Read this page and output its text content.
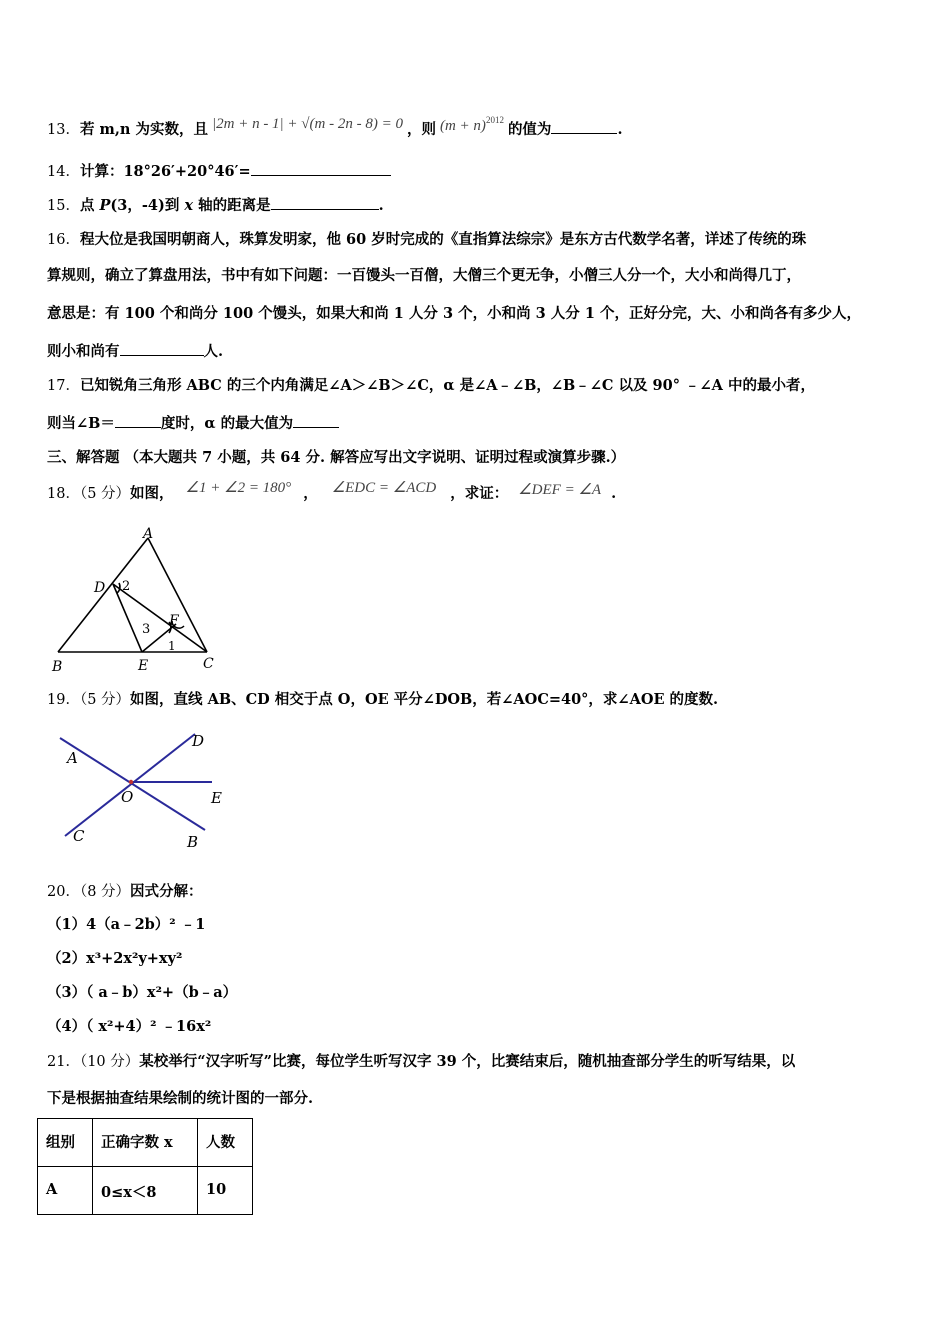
13．若 m,n 为实数，且 |2m + n - 1| + √(m - 2n - 8) = 0 ，则 $(m + n)^{2012}$的值为	.
14．计算：18°26′+20°46′=
15．点 P(3，-4)到 x 轴的距离是	.
16．程大位是我国明朝商人，珠算发明家，他 60 岁时完成的《直指算法综宗》是东方古代数学名著，详述了传统的珠
算规则，确立了算盘用法，书中有如下问题：一百馒头一百僧，大僧三个更无争，小僧三人分一个，大小和尚得几丁，
意思是：有 100 个和尚分 100 个馒头，如果大和尚 1 人分 3 个，小和尚 3 人分 1 个，正好分完，大、小和尚各有多少人，
则小和尚有	人.
17．已知锐角三角形 ABC 的三个内角满足∠A＞∠B＞∠C，α 是∠A﹣∠B，∠B﹣∠C 以及 90° ﹣∠A 中的最小者，
则当∠B＝	度时，α 的最大值为
三、解答题 （本大题共 7 小题，共 64 分. 解答应写出文字说明、证明过程或演算步骤.）
18．（5 分）如图， ∠1 + ∠2 = 180° ， ∠EDC = ∠ACD ，求证： ∠DEF = ∠A .
A
B	C
D
E
F
1
2
3
19．（5 分）如图，直线 AB、CD 相交于点 O，OE 平分∠DOB，若∠AOC=40°，求∠AOE 的度数.
A
B
C
D
E
O
20．（8 分）因式分解：
（1）4（a﹣2b）² ﹣1
（2）x³+2x²y+xy²
（3）（ a﹣b）x²+（b﹣a）
（4）（ x²+4）² ﹣16x²
21．（10 分）某校举行“汉字听写”比赛，每位学生听写汉字 39 个，比赛结束后，随机抽查部分学生的听写结果，以
下是根据抽查结果绘制的统计图的一部分.
组别	正确字数 x	人数
A	0≤x＜8	10
